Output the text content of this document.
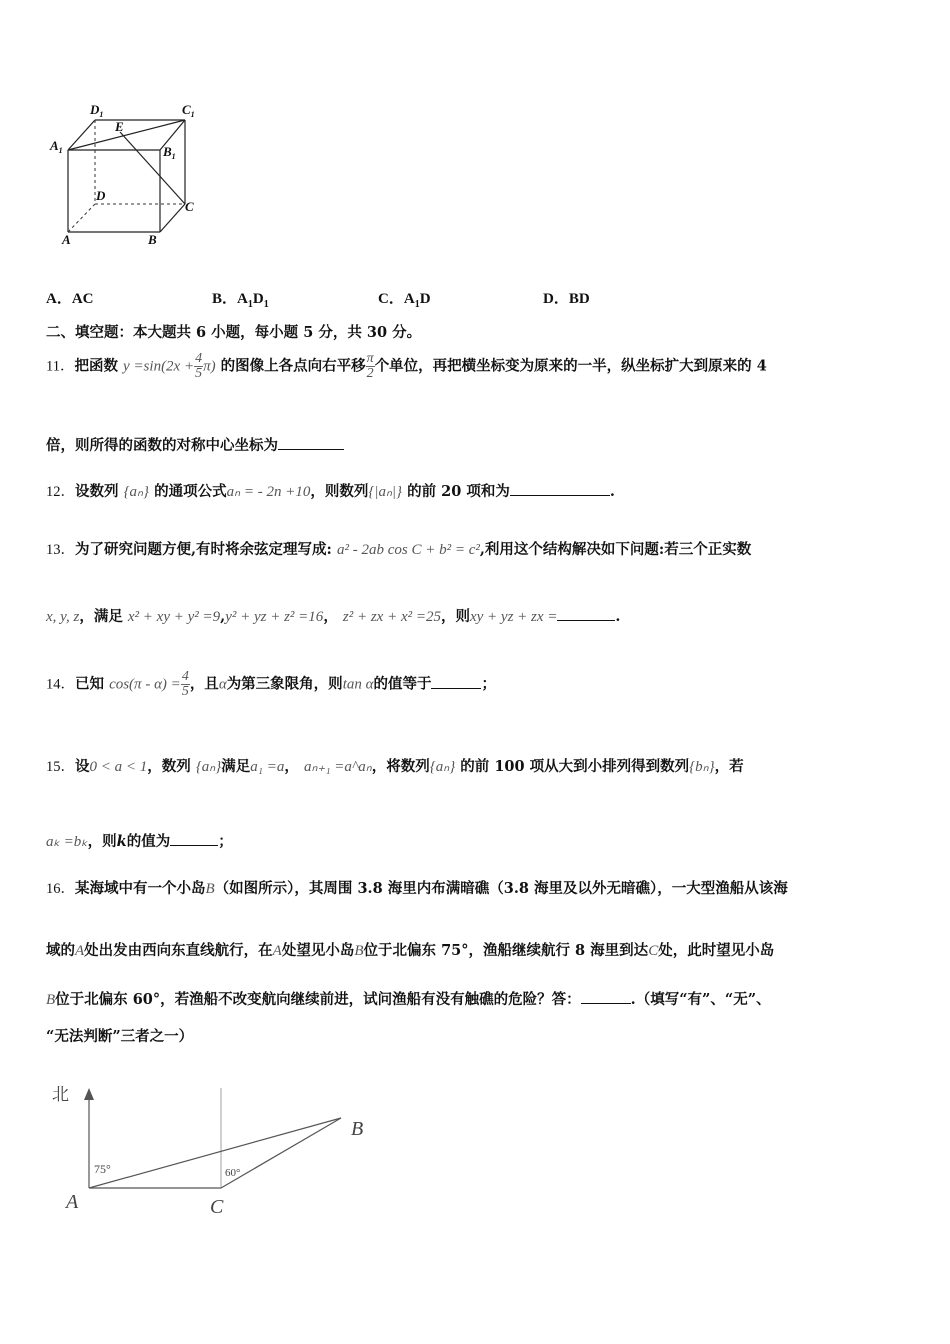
$D_1$	$C_1$
$A_1$	$B_1$
E
D
C
A	B
A．AC	B．$A_1D_1$	C．$A_1D$	D．BD
二、填空题：本大题共 6 小题，每小题 5 分，共 30 分。
11．把函数 $y =\sin(2x + \frac{4}{5} \pi)$ 的图像上各点向右平移 $\frac{\pi}{2}$ 个单位，再把横坐标变为原来的一半，纵坐标扩大到原来的 4
倍，则所得的函数的对称中心坐标为
12．设数列 {aₙ} 的通项公式aₙ = - 2n +10，则数列{|aₙ|} 的前 20 项和为	.
13．为了研究问题方便,有时将余弦定理写成: a² - 2ab cos C + b² = c²,利用这个结构解决如下问题:若三个正实数
x, y, z，满足 x² + xy + y² =9,y² + yz + z² =16， z² + zx + x² =25，则xy + yz + zx =	.
14．已知 $\cos(\pi - \alpha) = \frac{4}{5}$ ，且α为第三象限角，则tan α的值等于	；
15．设0 < a < 1，数列 {aₙ}满足a₁ =a， aₙ₊₁ =a^aₙ，将数列{aₙ} 的前 100 项从大到小排列得到数列{bₙ}，若
aₖ =bₖ，则k的值为	；
16．某海域中有一个小岛B（如图所示），其周围 3.8 海里内布满暗礁（3.8 海里及以外无暗礁），一大型渔船从该海
域的A处出发由西向东直线航行，在A处望见小岛B位于北偏东 75°，渔船继续航行 8 海里到达C处，此时望见小岛
B位于北偏东 60°，若渔船不改变航向继续前进，试问渔船有没有触礁的危险？答：	.（填写“有”、“无”、
“无法判断”三者之一）
北
75°	60°
A	C
B
